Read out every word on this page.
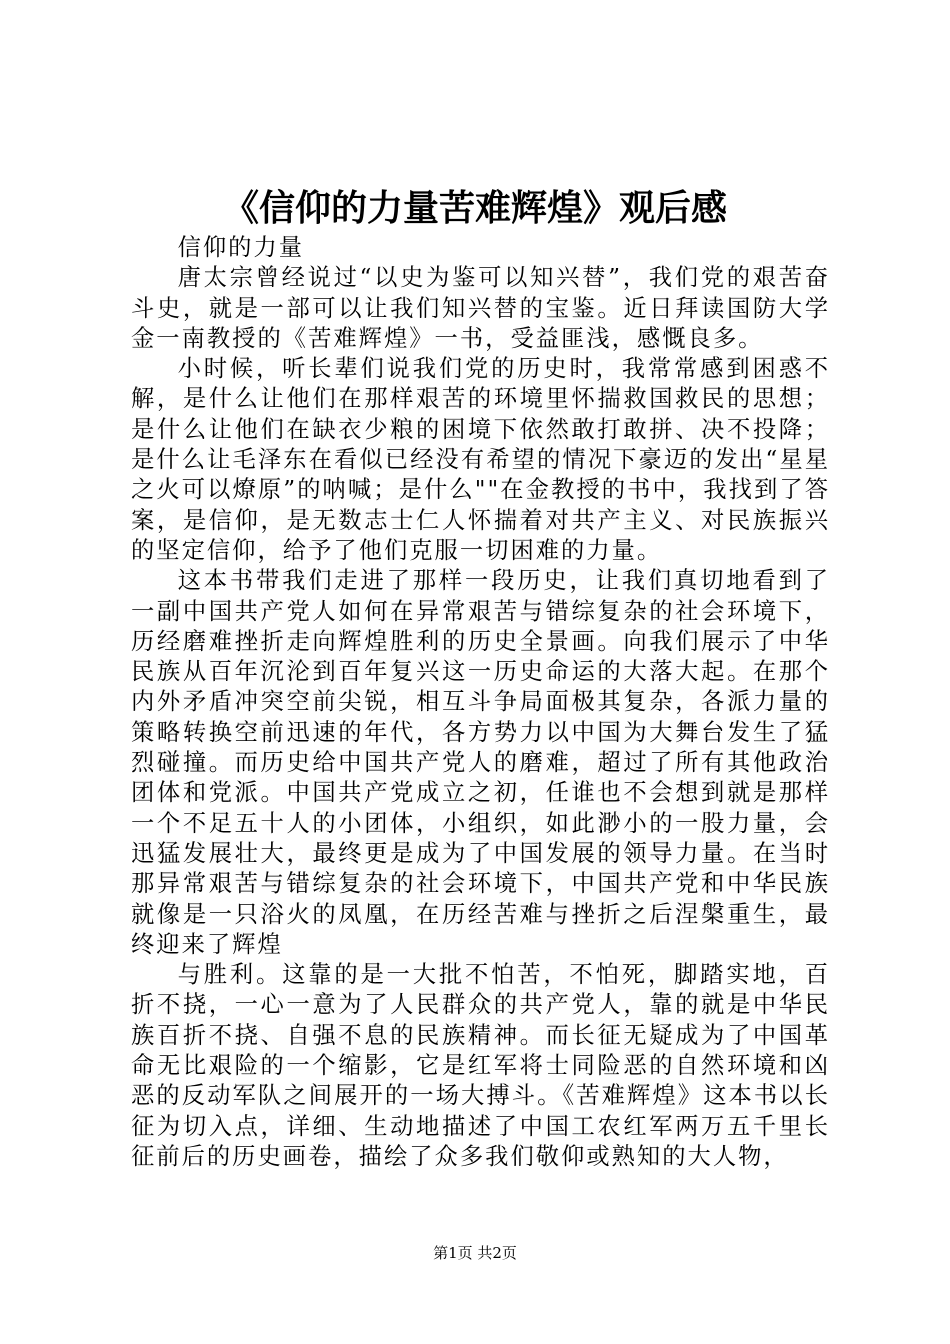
《信仰的力量苦难辉煌》观后感

信仰的力量

唐太宗曾经说过“以史为鉴可以知兴替”，我们党的艰苦奋斗史，就是一部可以让我们知兴替的宝鉴。近日拜读国防大学金一南教授的《苦难辉煌》一书，受益匪浅，感慨良多。

小时候，听长辈们说我们党的历史时，我常常感到困惑不解，是什么让他们在那样艰苦的环境里怀揣救国救民的思想；是什么让他们在缺衣少粮的困境下依然敢打敢拼、决不投降；是什么让毛泽东在看似已经没有希望的情况下豪迈的发出“星星之火可以燎原”的呐喊；是什么""在金教授的书中，我找到了答案，是信仰，是无数志士仁人怀揣着对共产主义、对民族振兴的坚定信仰，给予了他们克服一切困难的力量。

这本书带我们走进了那样一段历史，让我们真切地看到了一副中国共产党人如何在异常艰苦与错综复杂的社会环境下，历经磨难挫折走向辉煌胜利的历史全景画。向我们展示了中华民族从百年沉沦到百年复兴这一历史命运的大落大起。在那个内外矛盾冲突空前尖锐，相互斗争局面极其复杂，各派力量的策略转换空前迅速的年代，各方势力以中国为大舞台发生了猛烈碰撞。而历史给中国共产党人的磨难，超过了所有其他政治团体和党派。中国共产党成立之初，任谁也不会想到就是那样一个不足五十人的小团体，小组织，如此渺小的一股力量，会迅猛发展壮大，最终更是成为了中国发展的领导力量。在当时那异常艰苦与错综复杂的社会环境下，中国共产党和中华民族就像是一只浴火的凤凰，在历经苦难与挫折之后涅槃重生，最终迎来了辉煌

与胜利。这靠的是一大批不怕苦，不怕死，脚踏实地，百折不挠，一心一意为了人民群众的共产党人，靠的就是中华民族百折不挠、自强不息的民族精神。而长征无疑成为了中国革命无比艰险的一个缩影，它是红军将士同险恶的自然环境和凶恶的反动军队之间展开的一场大搏斗。《苦难辉煌》这本书以长征为切入点，详细、生动地描述了中国工农红军两万五千里长征前后的历史画卷，描绘了众多我们敬仰或熟知的大人物，

第1页 共2页
